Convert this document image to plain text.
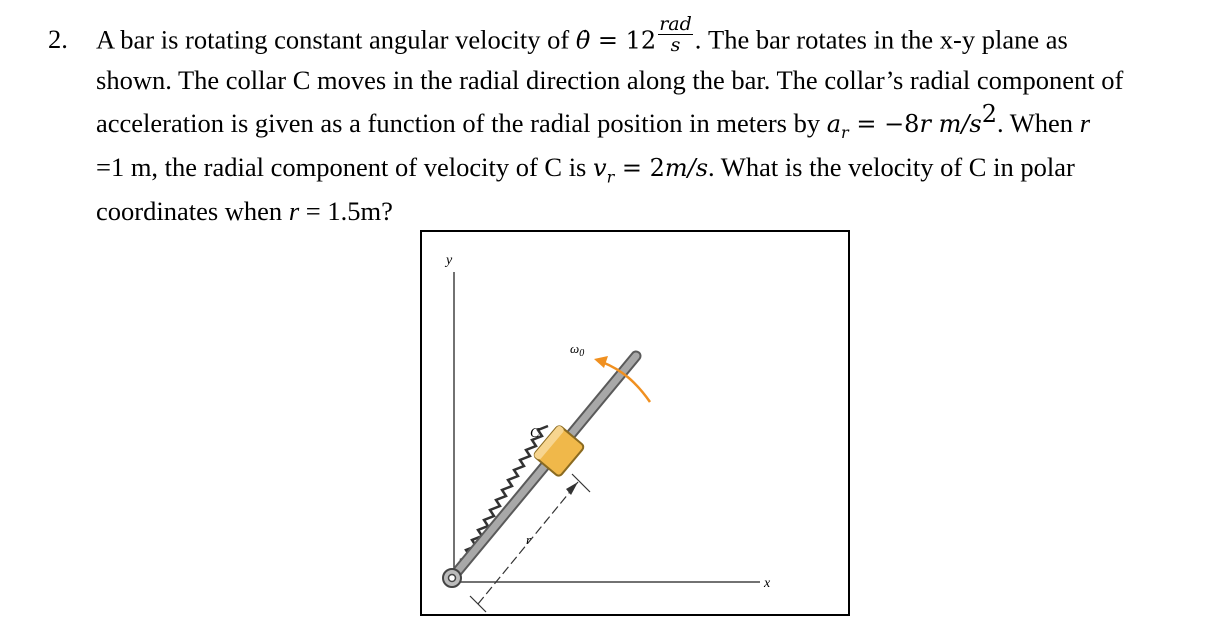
2. A bar is rotating constant angular velocity of θ̇ = $12 \frac{\text{rad}}{s}$ . The bar rotates in the x-y plane as
shown. The collar C moves in the radial direction along the bar. The collar’s radial component of
acceleration is given as a function of the radial position in meters by $a_r = -8r$ $m/s^2$. When r
=1 m, the radial component of velocity of C is $v_r = 2m/s$. What is the velocity of C in polar
coordinates when r = 1.5m?
y
x
C
r
$\omega_0$
